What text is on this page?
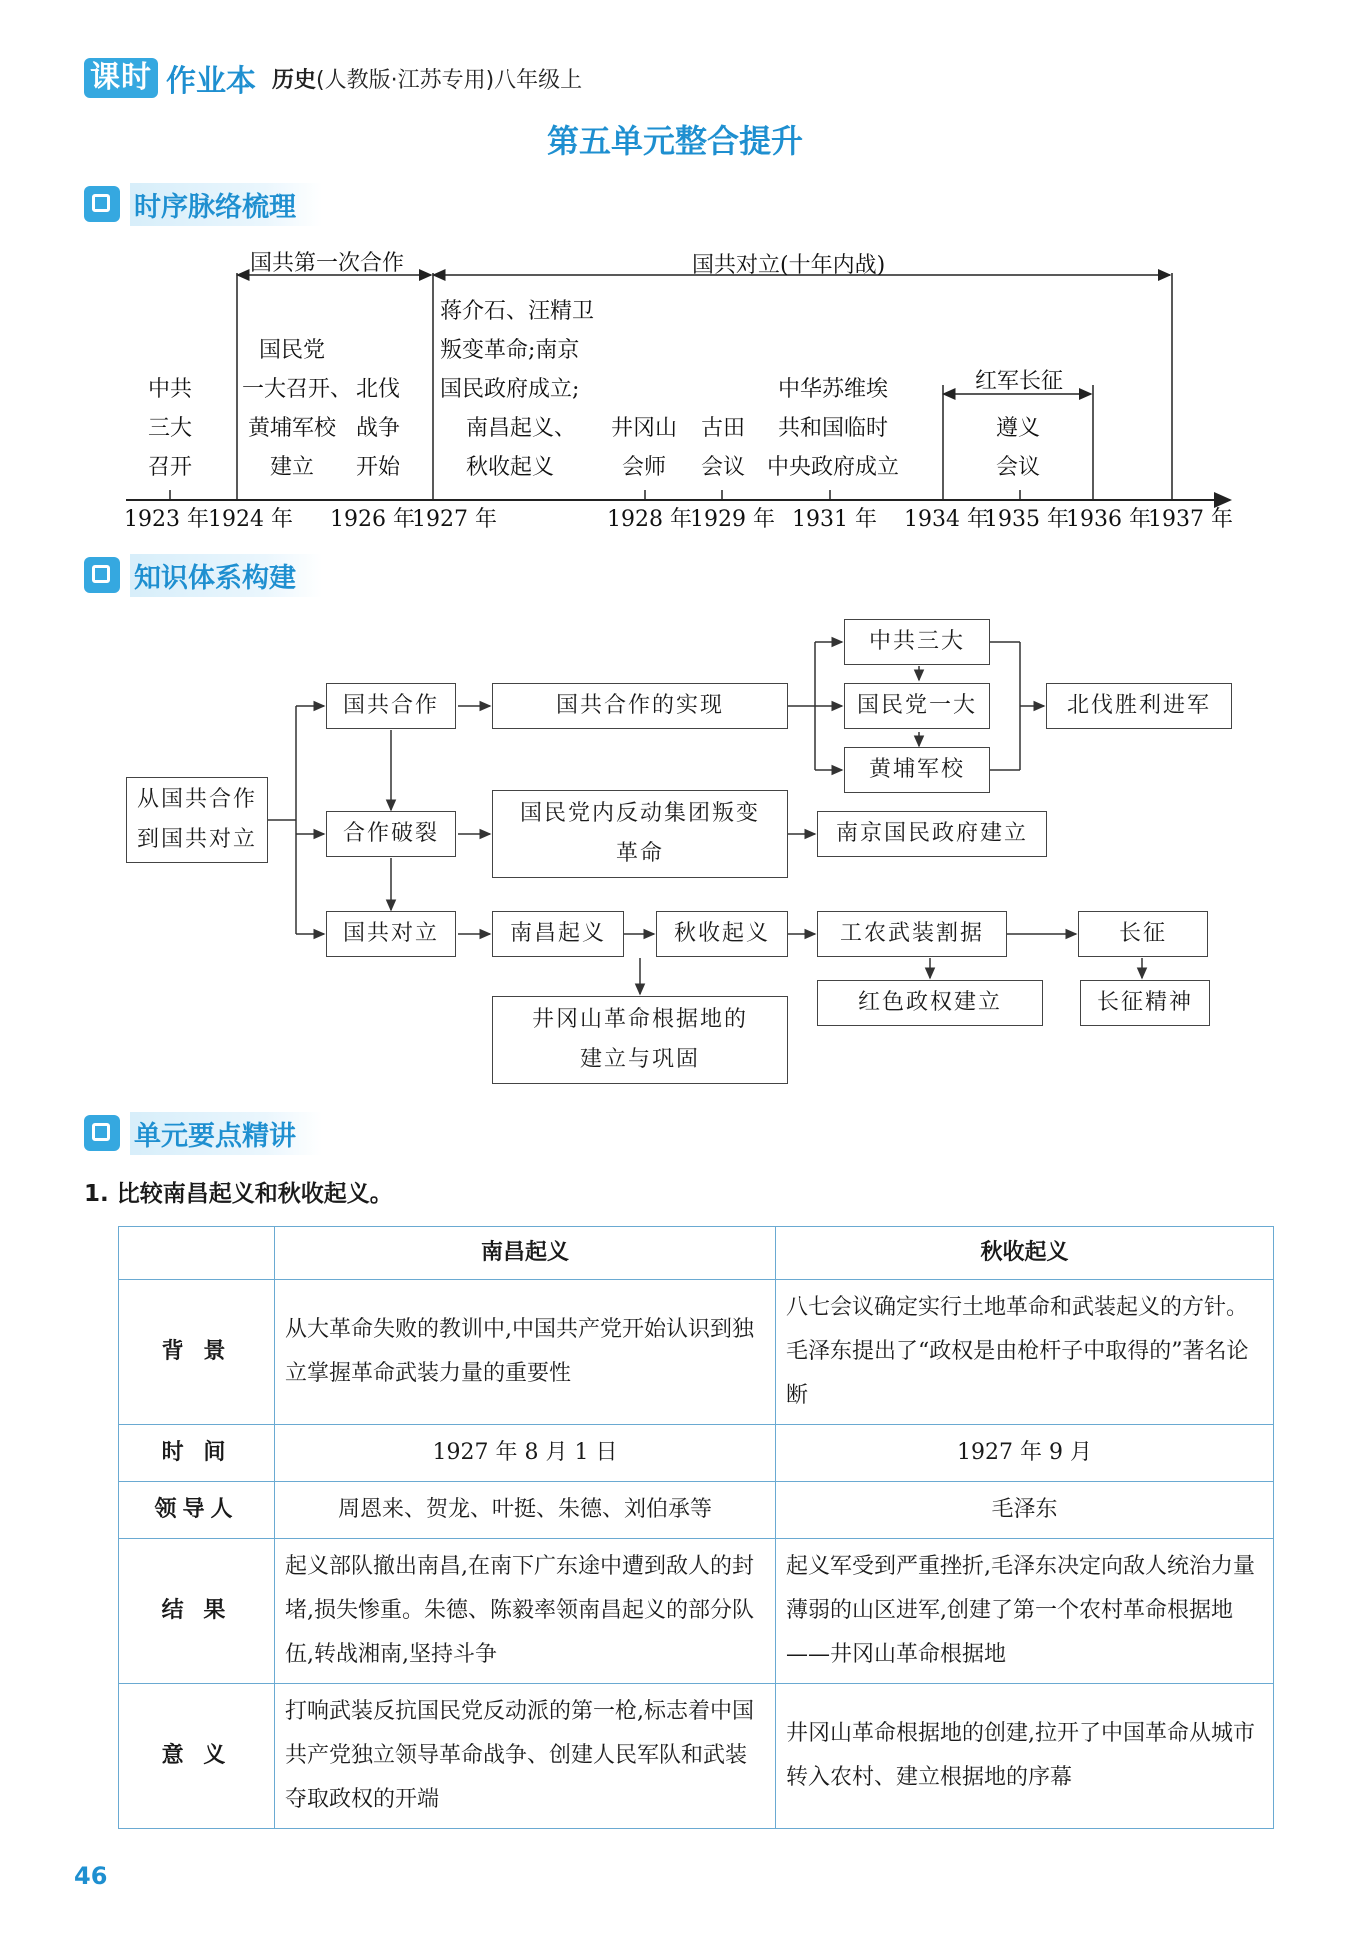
课时 作业本 历史(人教版·江苏专用)八年级上
第五单元整合提升
时序脉络梳理
国共第一次合作	国共对立(十年内战)
红军长征
中共
三大
召开
国民党
一大召开、
黄埔军校
建立
北伐
战争
开始
蒋介石、汪精卫
叛变革命;南京
国民政府成立;
南昌起义、
秋收起义
井冈山
会师
古田
会议
中华苏维埃
共和国临时
中央政府成立
遵义
会议
1923 年 1924 年 1926 年
1927 年	1928 年
1929 年 1931 年 1934 年
1935 年
1936 年
1937 年
知识体系构建
从国共合作
到国共对立
国共合作
合作破裂
国共对立
国共合作的实现
中共三大
国民党一大
黄埔军校
北伐胜利进军
国民党内反动集团叛变
革命
南京国民政府建立
南昌起义	秋收起义	工农武装割据	长征
井冈山革命根据地的
建立与巩固
红色政权建立	长征精神
单元要点精讲
1. 比较南昌起义和秋收起义。
	南昌起义	秋收起义
背 景	从大革命失败的教训中,中国共产党开始认识到独立掌握革命武装力量的重要性	八七会议确定实行土地革命和武装起义的方针。毛泽东提出了“政权是由枪杆子中取得的”著名论断
时 间	1927 年 8 月 1 日	1927 年 9 月
领导人	周恩来、贺龙、叶挺、朱德、刘伯承等	毛泽东
结 果	起义部队撤出南昌,在南下广东途中遭到敌人的封堵,损失惨重。朱德、陈毅率领南昌起义的部分队伍,转战湘南,坚持斗争	起义军受到严重挫折,毛泽东决定向敌人统治力量薄弱的山区进军,创建了第一个农村革命根据地——井冈山革命根据地
意 义	打响武装反抗国民党反动派的第一枪,标志着中国共产党独立领导革命战争、创建人民军队和武装夺取政权的开端	井冈山革命根据地的创建,拉开了中国革命从城市转入农村、建立根据地的序幕
46
